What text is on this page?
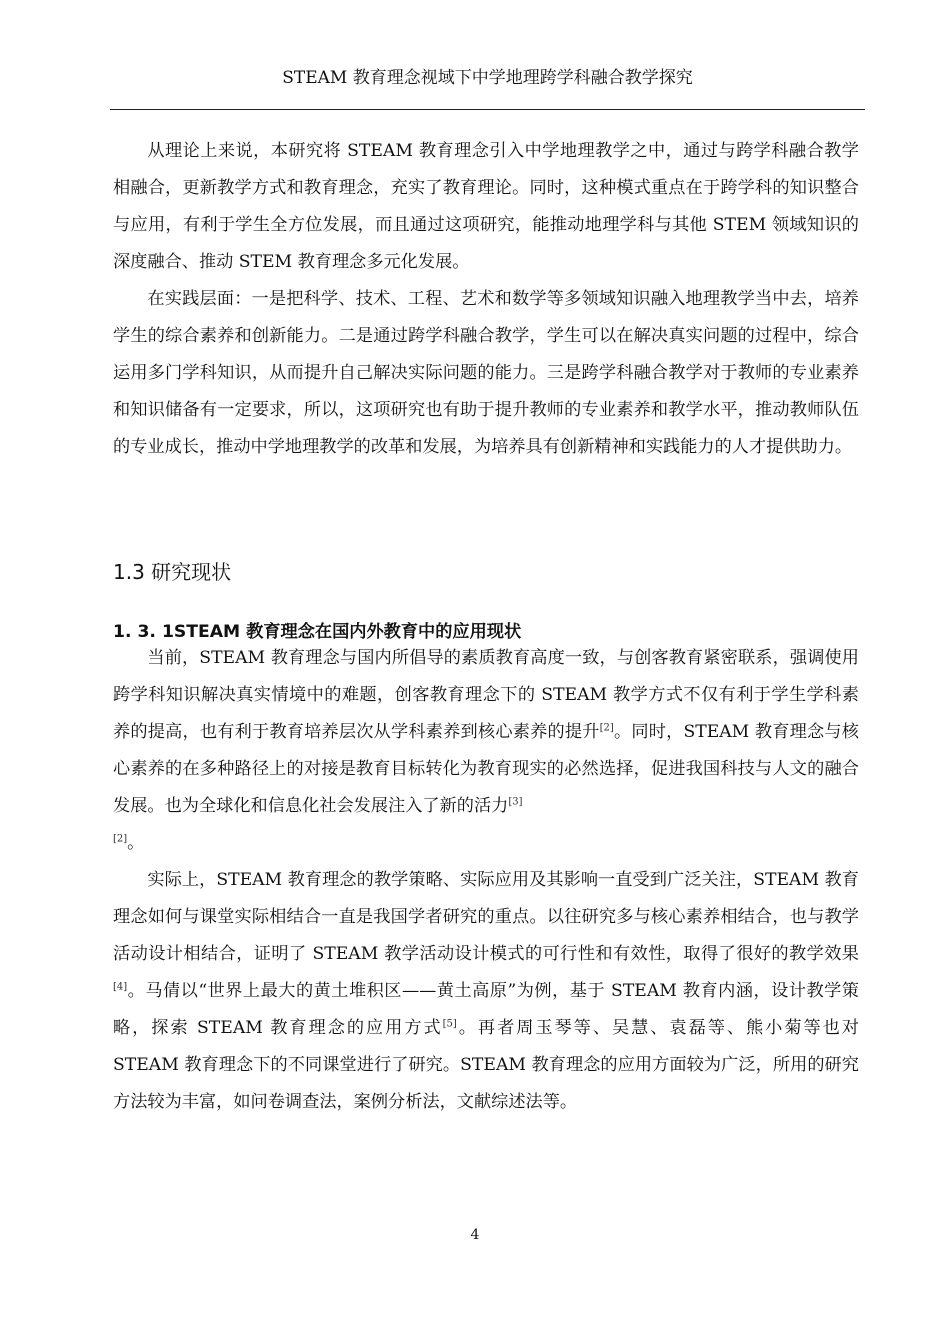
STEAM 教育理念视域下中学地理跨学科融合教学探究

从理论上来说，本研究将 STEAM 教育理念引入中学地理教学之中，通过与跨学科融合教学相融合，更新教学方式和教育理念，充实了教育理论。同时，这种模式重点在于跨学科的知识整合与应用，有利于学生全方位发展，而且通过这项研究，能推动地理学科与其他 STEM 领域知识的深度融合、推动 STEM 教育理念多元化发展。

在实践层面：一是把科学、技术、工程、艺术和数学等多领域知识融入地理教学当中去，培养学生的综合素养和创新能力。二是通过跨学科融合教学，学生可以在解决真实问题的过程中，综合运用多门学科知识，从而提升自己解决实际问题的能力。三是跨学科融合教学对于教师的专业素养和知识储备有一定要求，所以，这项研究也有助于提升教师的专业素养和教学水平，推动教师队伍的专业成长，推动中学地理教学的改革和发展，为培养具有创新精神和实践能力的人才提供助力。

1.3 研究现状
1. 3. 1STEAM 教育理念在国内外教育中的应用现状

当前，STEAM 教育理念与国内所倡导的素质教育高度一致，与创客教育紧密联系，强调使用跨学科知识解决真实情境中的难题，创客教育理念下的 STEAM 教学方式不仅有利于学生学科素养的提高，也有利于教育培养层次从学科素养到核心素养的提升[2]。同时，STEAM 教育理念与核心素养的在多种路径上的对接是教育目标转化为教育现实的必然选择，促进我国科技与人文的融合发展。也为全球化和信息化社会发展注入了新的活力[3]
[2]。

实际上，STEAM 教育理念的教学策略、实际应用及其影响一直受到广泛关注，STEAM 教育理念如何与课堂实际相结合一直是我国学者研究的重点。以往研究多与核心素养相结合，也与教学活动设计相结合，证明了 STEAM 教学活动设计模式的可行性和有效性，取得了很好的教学效果[4]。马倩以“世界上最大的黄土堆积区——黄土高原”为例，基于 STEAM 教育内涵，设计教学策略，探索 STEAM 教育理念的应用方式[5]。再者周玉琴等、吴慧、袁磊等、熊小菊等也对 STEAM 教育理念下的不同课堂进行了研究。STEAM 教育理念的应用方面较为广泛，所用的研究方法较为丰富，如问卷调查法，案例分析法，文献综述法等。

4
